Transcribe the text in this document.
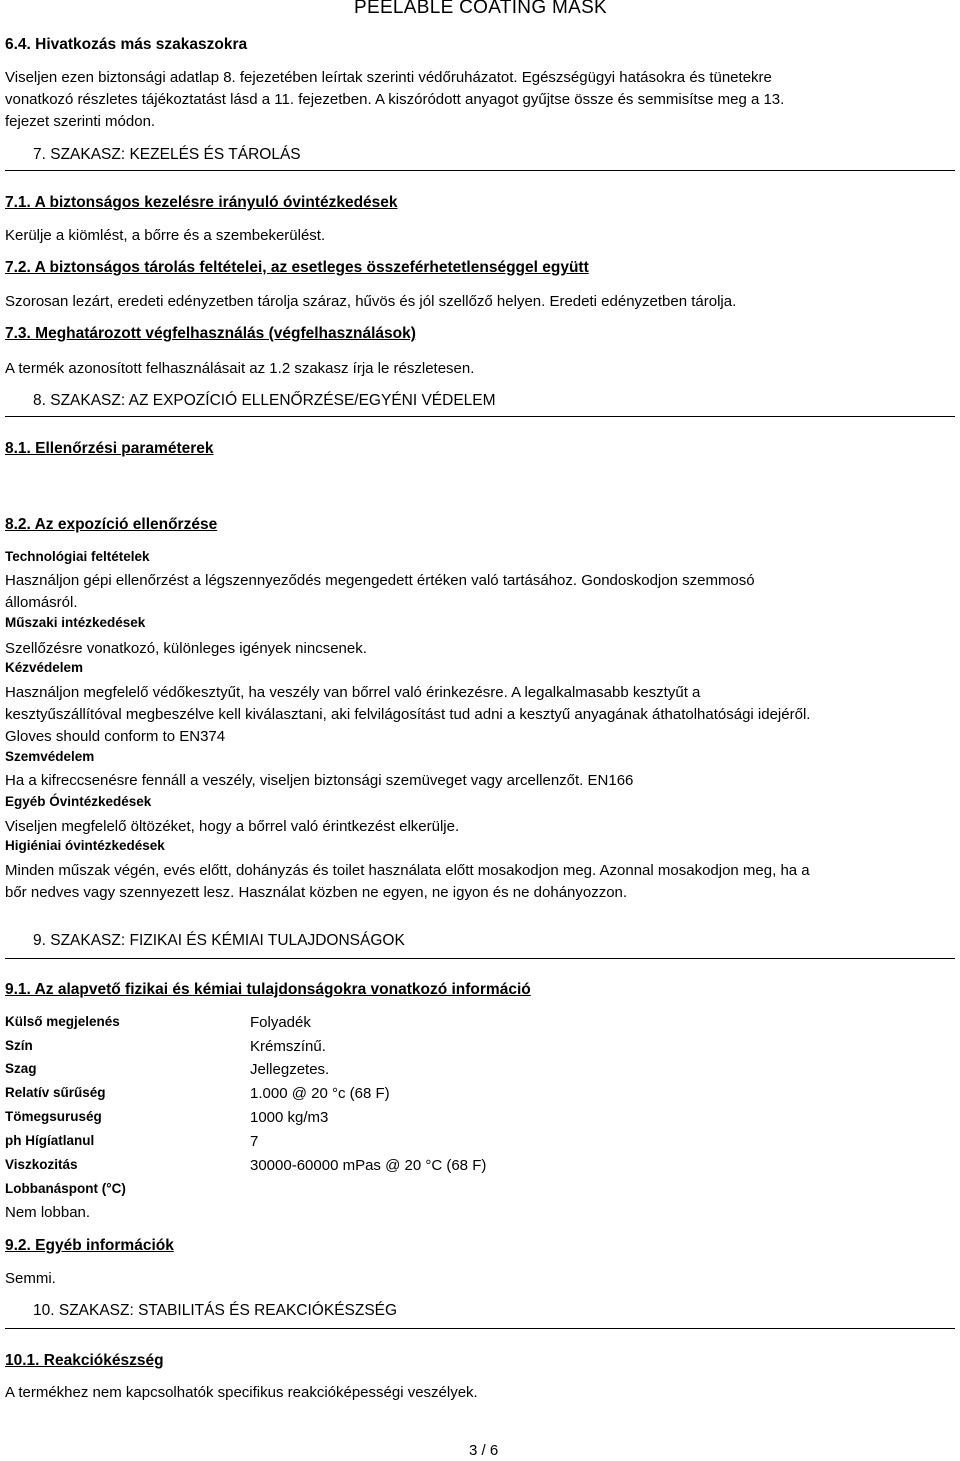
PEELABLE COATING MASK
6.4. Hivatkozás más szakaszokra
Viseljen ezen biztonsági adatlap 8. fejezetében leírtak szerinti védőruházatot. Egészségügyi hatásokra és tünetekre
vonatkozó részletes tájékoztatást lásd a 11. fejezetben. A kiszóródott anyagot gyűjtse össze és semmisítse meg a 13.
fejezet szerinti módon.
7. SZAKASZ: KEZELÉS ÉS TÁROLÁS
7.1. A biztonságos kezelésre irányuló óvintézkedések
Kerülje a kiömlést, a bőrre és a szembekerülést.
7.2. A biztonságos tárolás feltételei, az esetleges összeférhetetlenséggel együtt
Szorosan lezárt, eredeti edényzetben tárolja száraz, hűvös és jól szellőző helyen. Eredeti edényzetben tárolja.
7.3. Meghatározott végfelhasználás (végfelhasználások)
A termék azonosított felhasználásait az 1.2 szakasz írja le részletesen.
8. SZAKASZ: AZ EXPOZÍCIÓ ELLENŐRZÉSE/EGYÉNI VÉDELEM
8.1. Ellenőrzési paraméterek
8.2. Az expozíció ellenőrzése
Technológiai feltételek
Használjon gépi ellenőrzést a légszennyeződés megengedett értéken való tartásához. Gondoskodjon szemmosó
állomásról.
Műszaki intézkedések
Szellőzésre vonatkozó, különleges igények nincsenek.
Kézvédelem
Használjon megfelelő védőkesztyűt, ha veszély van bőrrel való érinkezésre. A legalkalmasabb kesztyűt a
kesztyűszállítóval megbeszélve kell kiválasztani, aki felvilágosítást tud adni a kesztyű anyagának áthatolhatósági idejéről.
Gloves should conform to EN374
Szemvédelem
Ha a kifreccsenésre fennáll a veszély, viseljen biztonsági szemüveget vagy arcellenzőt. EN166
Egyéb Óvintézkedések
Viseljen megfelelő öltözéket, hogy a bőrrel való érintkezést elkerülje.
Higiéniai óvintézkedések
Minden műszak végén, evés előtt, dohányzás és toilet használata előtt mosakodjon meg. Azonnal mosakodjon meg, ha a
bőr nedves vagy szennyezett lesz. Használat közben ne egyen, ne igyon és ne dohányozzon.
9. SZAKASZ: FIZIKAI ÉS KÉMIAI TULAJDONSÁGOK
9.1. Az alapvető fizikai és kémiai tulajdonságokra vonatkozó információ
Külső megjelenés	Folyadék
Szín	Krémszínű.
Szag	Jellegzetes.
Relatív sűrűség	1.000 @ 20 °c (68 F)
Tömegsuruség	1000 kg/m3
ph Hígíatlanul	7
Viszkozitás	30000-60000 mPas @ 20 °C (68 F)
Lobbanáspont (°C)
Nem lobban.
9.2. Egyéb információk
Semmi.
10. SZAKASZ: STABILITÁS ÉS REAKCIÓKÉSZSÉG
10.1. Reakciókészség
A termékhez nem kapcsolhatók specifikus reakcióképességi veszélyek.
3 / 6
